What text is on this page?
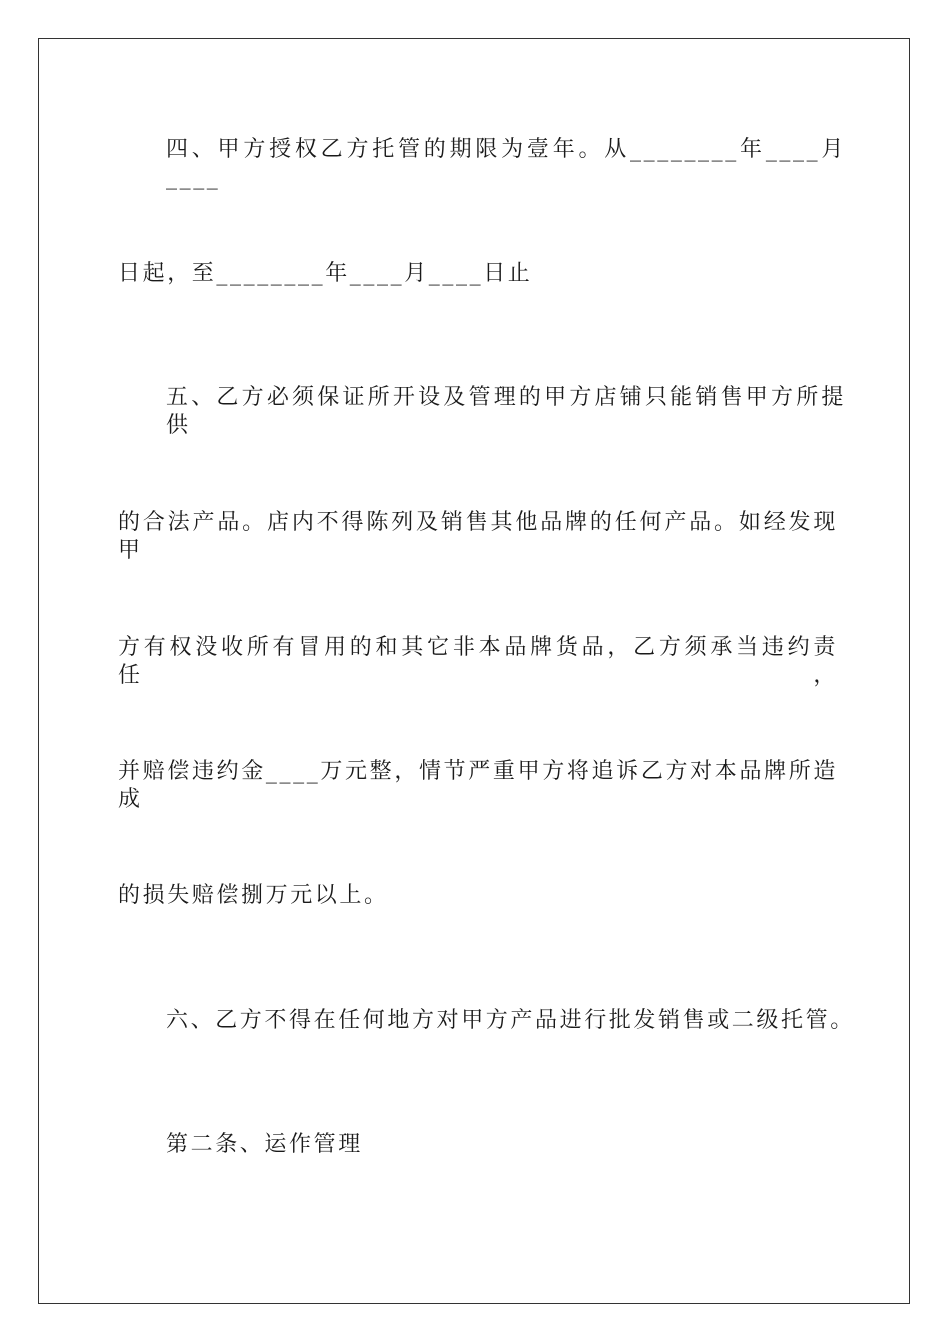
四、甲方授权乙方托管的期限为壹年。从________年____月____
日起，至________年____月____日止
五、乙方必须保证所开设及管理的甲方店铺只能销售甲方所提供
的合法产品。店内不得陈列及销售其他品牌的任何产品。如经发现甲
方有权没收所有冒用的和其它非本品牌货品，乙方须承当违约责任，
并赔偿违约金____万元整，情节严重甲方将追诉乙方对本品牌所造成
的损失赔偿捌万元以上。
六、乙方不得在任何地方对甲方产品进行批发销售或二级托管。
第二条、运作管理
